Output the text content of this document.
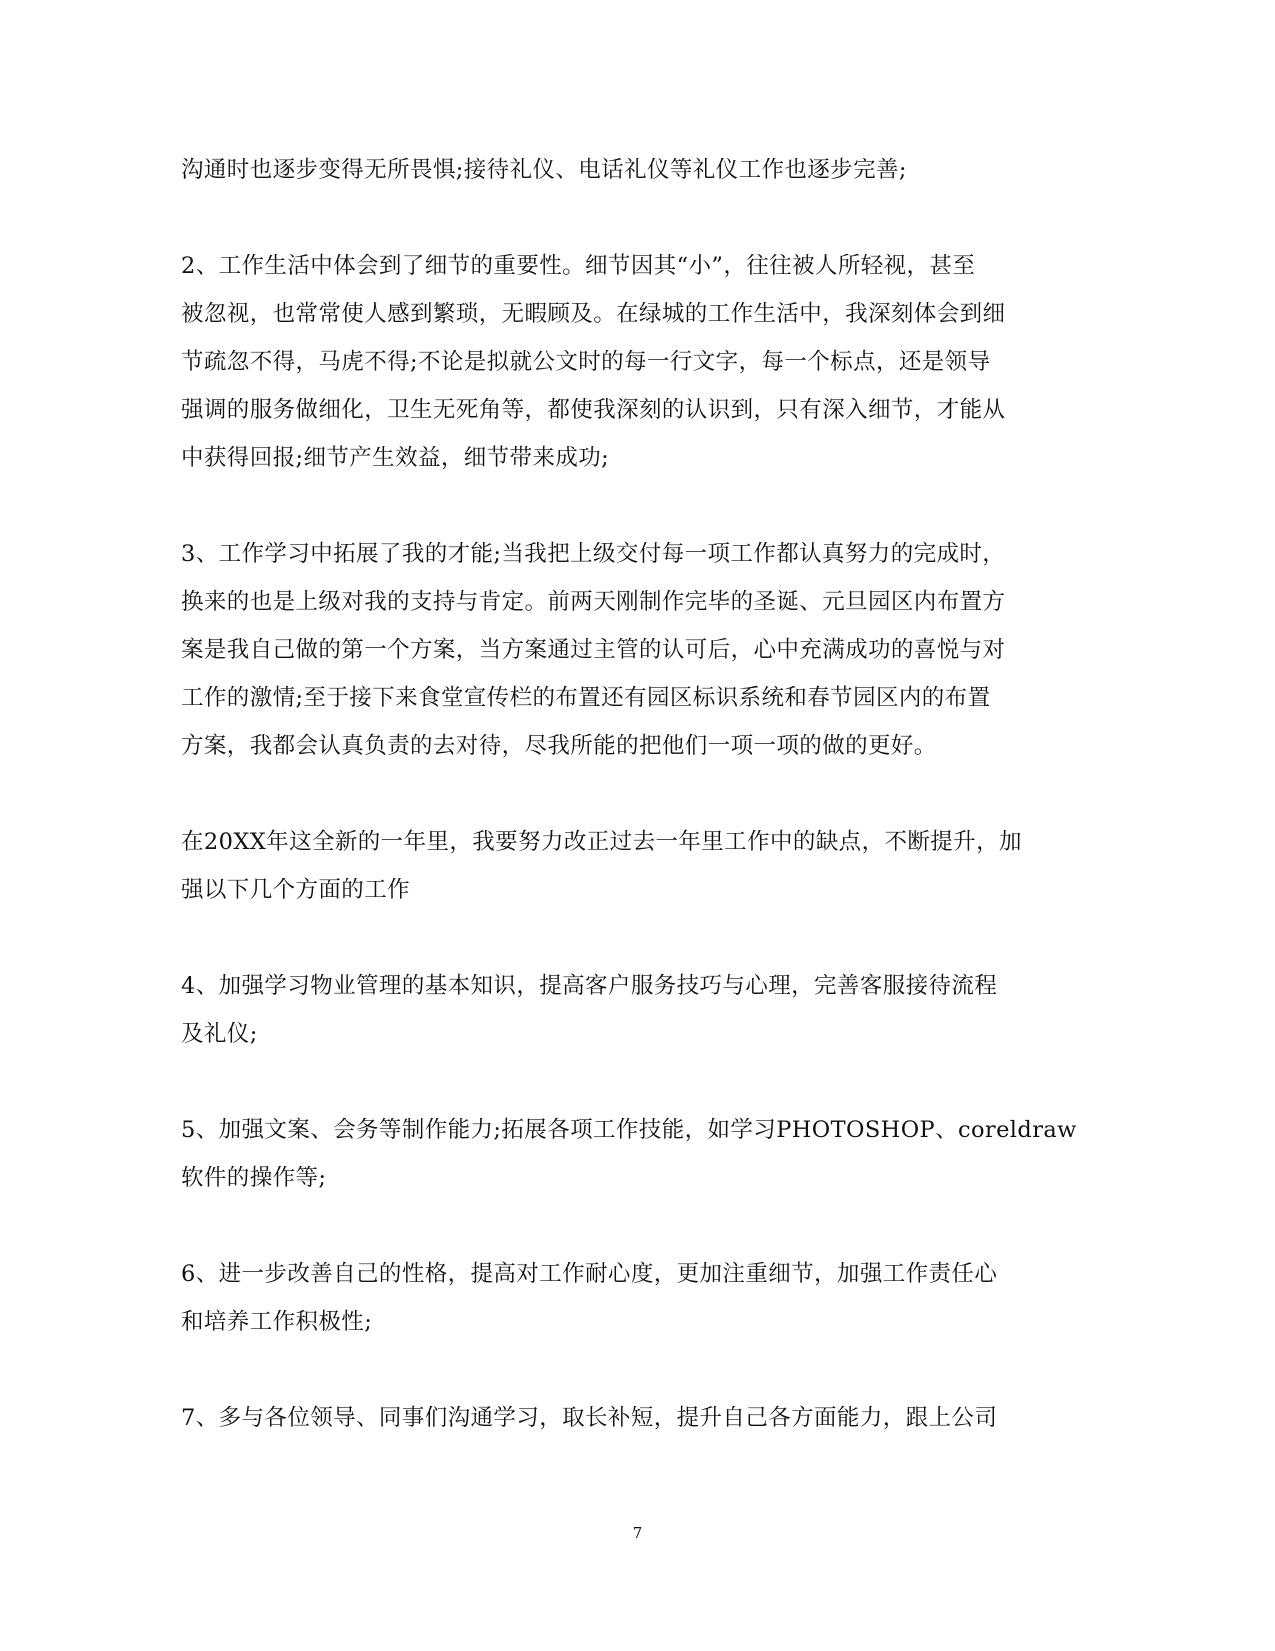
沟通时也逐步变得无所畏惧;接待礼仪、电话礼仪等礼仪工作也逐步完善;

2、工作生活中体会到了细节的重要性。细节因其“小”，往往被人所轻视，甚至
被忽视，也常常使人感到繁琐，无暇顾及。在绿城的工作生活中，我深刻体会到细
节疏忽不得，马虎不得;不论是拟就公文时的每一行文字，每一个标点，还是领导
强调的服务做细化，卫生无死角等，都使我深刻的认识到，只有深入细节，才能从
中获得回报;细节产生效益，细节带来成功;

3、工作学习中拓展了我的才能;当我把上级交付每一项工作都认真努力的完成时，
换来的也是上级对我的支持与肯定。前两天刚制作完毕的圣诞、元旦园区内布置方
案是我自己做的第一个方案，当方案通过主管的认可后，心中充满成功的喜悦与对
工作的激情;至于接下来食堂宣传栏的布置还有园区标识系统和春节园区内的布置
方案，我都会认真负责的去对待，尽我所能的把他们一项一项的做的更好。

在20XX年这全新的一年里，我要努力改正过去一年里工作中的缺点，不断提升，加
强以下几个方面的工作

4、加强学习物业管理的基本知识，提高客户服务技巧与心理，完善客服接待流程
及礼仪;

5、加强文案、会务等制作能力;拓展各项工作技能，如学习PHOTOSHOP、coreldraw
软件的操作等;

6、进一步改善自己的性格，提高对工作耐心度，更加注重细节，加强工作责任心
和培养工作积极性;

7、多与各位领导、同事们沟通学习，取长补短，提升自己各方面能力，跟上公司

7
